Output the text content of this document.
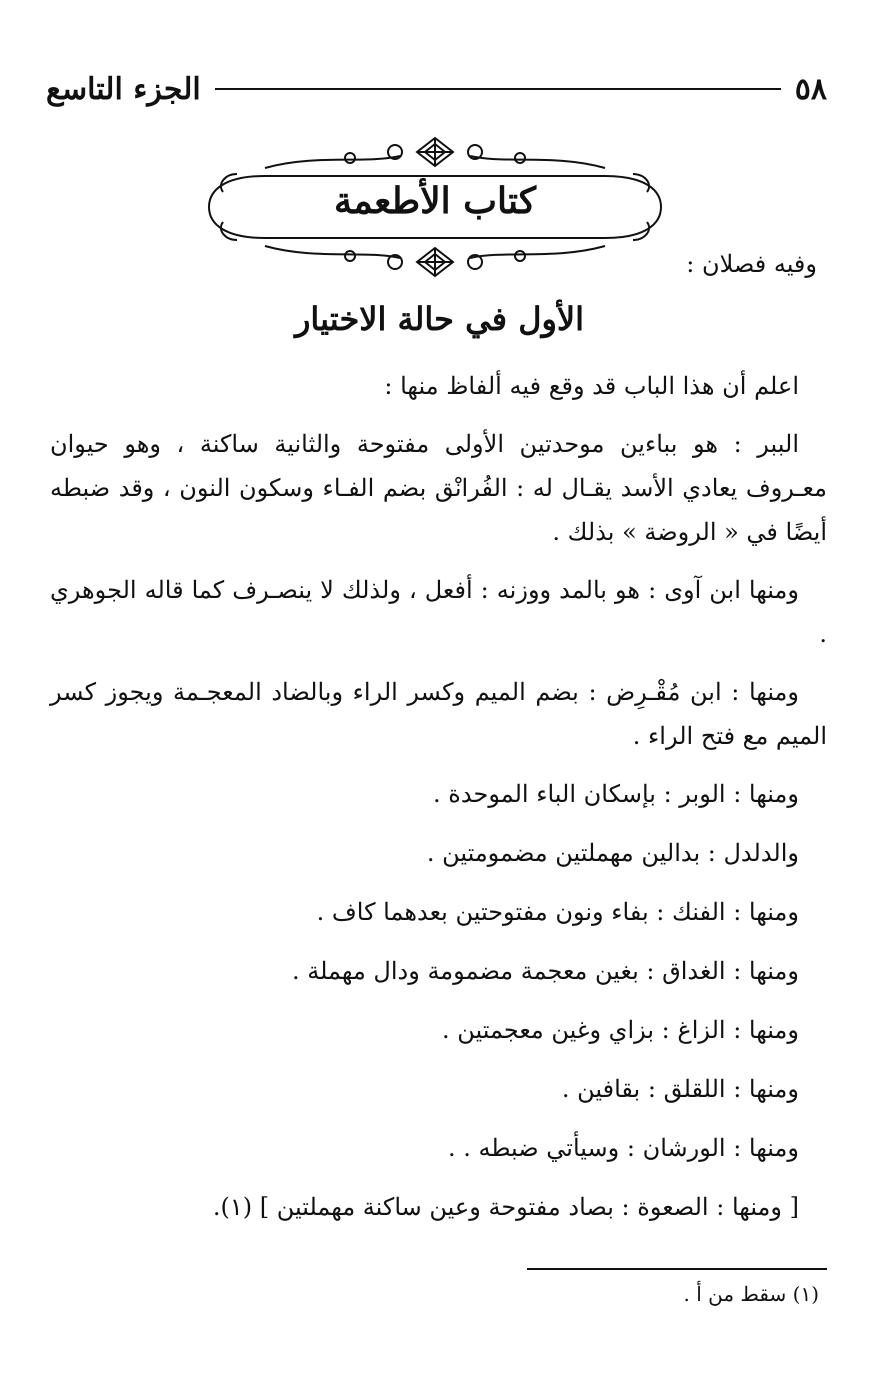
٥٨
الجزء التاسع
كتاب الأطعمة
وفيه فصلان :
الأول في حالة الاختيار

اعلم أن هذا الباب قد وقع فيه ألفاظ منها :

الببر : هو بباءين موحدتين الأولى مفتوحة والثانية ساكنة ، وهو حيوان معـروف يعادي الأسد يقـال له : الفُرانْق بضم الفـاء وسكون النون ، وقد ضبطه أيضًا في « الروضة » بذلك .

ومنها ابن آوى : هو بالمد ووزنه : أفعل ، ولذلك لا ينصـرف كما قاله الجوهري .

ومنها : ابن مُقْـرِض : بضم الميم وكسر الراء وبالضاد المعجـمة ويجوز كسر الميم مع فتح الراء .

ومنها : الوبر : بإسكان الباء الموحدة .

والدلدل : بدالين مهملتين مضمومتين .

ومنها : الفنك : بفاء ونون مفتوحتين بعدهما كاف .

ومنها : الغداق : بغين معجمة مضمومة ودال مهملة .

ومنها : الزاغ : بزاي وغين معجمتين .

ومنها : اللقلق : بقافين .

ومنها : الورشان : وسيأتي ضبطه . .

[ ومنها : الصعوة : بصاد مفتوحة وعين ساكنة مهملتين ] (١).

(١) سقط من أ .
